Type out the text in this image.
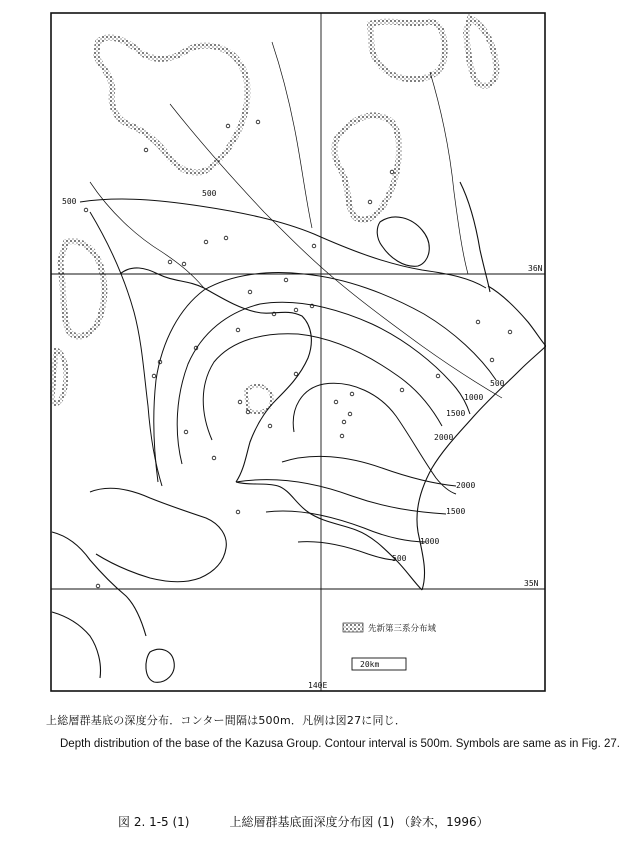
36N
35N
140E
500
500
500
1000
1500
2000
2000
1500
1000
500
先新第三系分布域
20km
上総層群基底の深度分布．コンター間隔は500m．凡例は図27に同じ．
Depth distribution of the base of the Kazusa Group. Contour interval is 500m. Symbols are same as in Fig. 27.
図 2. 1-5 (1)	上総層群基底面深度分布図 (1) （鈴木，1996）
